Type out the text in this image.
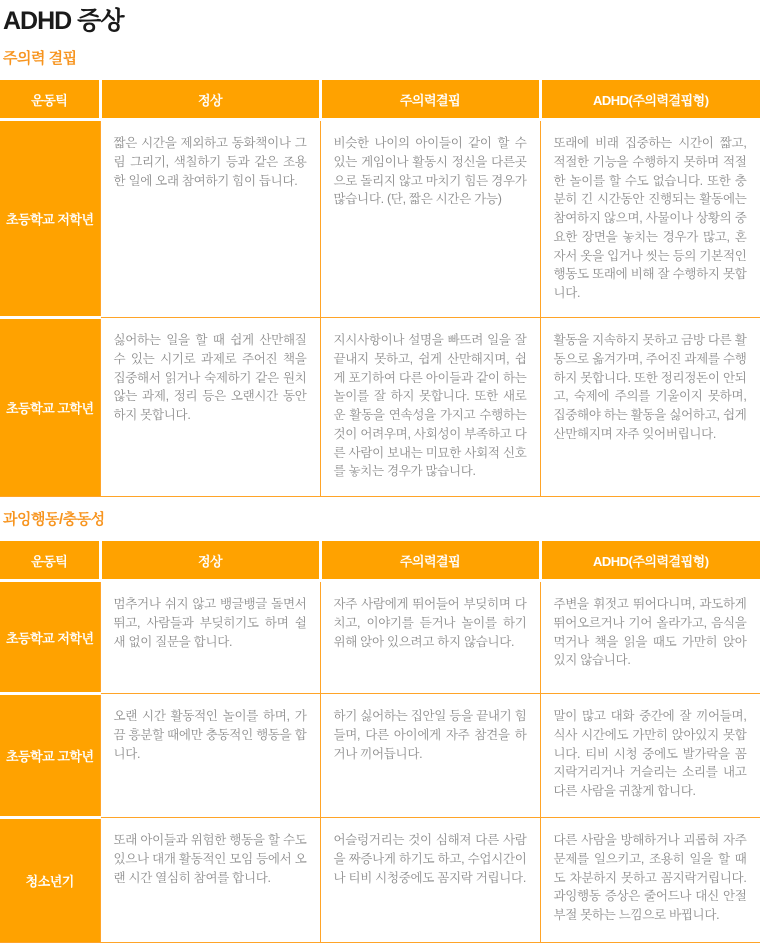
ADHD 증상
주의력 결핍
운동틱	정상	주의력결핍	ADHD(주의력결핍형)
초등학교 저학년	짧은 시간을 제외하고 동화책이나 그림 그리기, 색칠하기 등과 같은 조용한 일에 오래 참여하기 힘이 듭니다.	비슷한 나이의 아이들이 같이 할 수 있는 게임이나 활동시 정신을 다른곳으로 돌리지 않고 마치기 힘든 경우가 많습니다. (단, 짧은 시간은 가능)	또래에 비래 집중하는 시간이 짧고, 적절한 기능을 수행하지 못하며 적절한 놀이를 할 수도 없습니다. 또한 충분히 긴 시간동안 진행되는 활동에는 참여하지 않으며, 사물이나 상황의 중요한 장면을 놓치는 경우가 많고, 혼자서 옷을 입거나 씻는 등의 기본적인 행동도 또래에 비해 잘 수행하지 못합니다.
초등학교 고학년	싫어하는 일을 할 때 쉽게 산만해질 수 있는 시기로 과제로 주어진 책을 집중해서 읽거나 숙제하기 같은 원치 않는 과제, 정리 등은 오랜시간 동안 하지 못합니다.	지시사항이나 설명을 빠뜨려 일을 잘 끝내지 못하고, 쉽게 산만해지며, 쉽게 포기하여 다른 아이들과 같이 하는 놀이를 잘 하지 못합니다. 또한 새로운 활동을 연속성을 가지고 수행하는 것이 어려우며, 사회성이 부족하고 다른 사람이 보내는 미묘한 사회적 신호를 놓치는 경우가 많습니다.	활동을 지속하지 못하고 금방 다른 활동으로 옮겨가며, 주어진 과제를 수행하지 못합니다. 또한 정리정돈이 안되고, 숙제에 주의를 기울이지 못하며, 집중해야 하는 활동을 싫어하고, 쉽게 산만해지며 자주 잊어버립니다.
과잉행동/충동성
운동틱	정상	주의력결핍	ADHD(주의력결핍형)
초등학교 저학년	멈추거나 쉬지 않고 뱅글뱅글 돌면서 뛰고, 사람들과 부딪히기도 하며 쉴 새 없이 질문을 합니다.	자주 사람에게 뛰어들어 부딪히며 다치고, 이야기를 듣거나 놀이를 하기 위해 앉아 있으려고 하지 않습니다.	주변을 휘젓고 뛰어다니며, 과도하게 뛰어오르거나 기어 올라가고, 음식을 먹거나 책을 읽을 때도 가만히 앉아 있지 않습니다.
초등학교 고학년	오랜 시간 활동적인 놀이를 하며, 가끔 흥분할 때에만 충동적인 행동을 합니다.	하기 싫어하는 집안일 등을 끝내기 힘들며, 다른 아이에게 자주 참견을 하거나 끼어듭니다.	말이 많고 대화 중간에 잘 끼어들며, 식사 시간에도 가만히 앉아있지 못합니다. 티비 시청 중에도 발가락을 꼼지락거리거나 거슬리는 소리를 내고 다른 사람을 귀찮게 합니다.
청소년기	또래 아이들과 위험한 행동을 할 수도 있으나 대개 활동적인 모임 등에서 오랜 시간 열심히 참여를 합니다.	어슬렁거리는 것이 심해져 다른 사람을 짜증나게 하기도 하고, 수업시간이나 티비 시청중에도 꼼지락 거립니다.	다른 사람을 방해하거나 괴롭혀 자주 문제를 일으키고, 조용히 일을 할 때도 차분하지 못하고 꼼지락거립니다. 과잉행동 증상은 줄어드나 대신 안절부절 못하는 느낌으로 바뀝니다.
